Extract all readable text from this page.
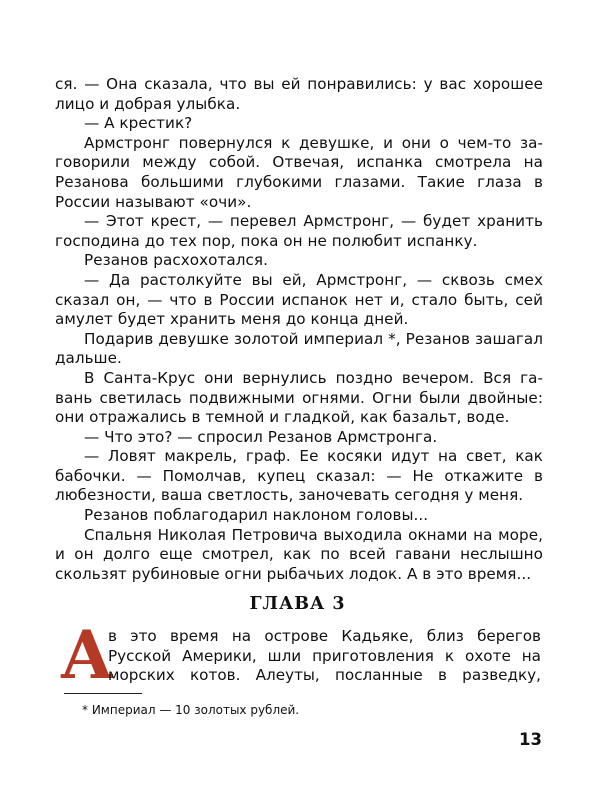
ся. — Она сказала, что вы ей понравились: у вас хорошее лицо и добрая улыбка.

— А крестик?

Армстронг повернулся к девушке, и они о чем-то заговорили между собой. Отвечая, испанка смотрела на Резанова большими глубокими глазами. Такие глаза в России называют «очи».

— Этот крест, — перевел Армстронг, — будет хранить господина до тех пор, пока он не полюбит испанку.

Резанов расхохотался.

— Да растолкуйте вы ей, Армстронг, — сквозь смех сказал он, — что в России испанок нет и, стало быть, сей амулет будет хранить меня до конца дней.

Подарив девушке золотой империал *, Резанов зашaгал дальше.

В Санта-Крус они вернулись поздно вечером. Вся гавань светилась подвижными огнями. Огни были двойные: они отражались в темной и гладкой, как базальт, воде.

— Что это? — спросил Резанов Армстронга.

— Ловят макрель, граф. Ее косяки идут на свет, как бабочки. — Помолчав, купец сказал: — Не откажите в любезности, ваша светлость, заночевать сегодня у меня.

Резанов поблагодарил наклоном головы...

Спальня Николая Петровича выходила окнами на море, и он долго еще смотрел, как по всей гавани неслышно скользят рубиновые огни рыбачьих лодок. А в это время...

ГЛАВА 3
А
в это время на острове Кадьяке, близ берегов
Русской Америки, шли приготовления к охоте на
морских котов. Алеуты, посланные в разведку,
* Империал — 10 золотых рублей.
13
